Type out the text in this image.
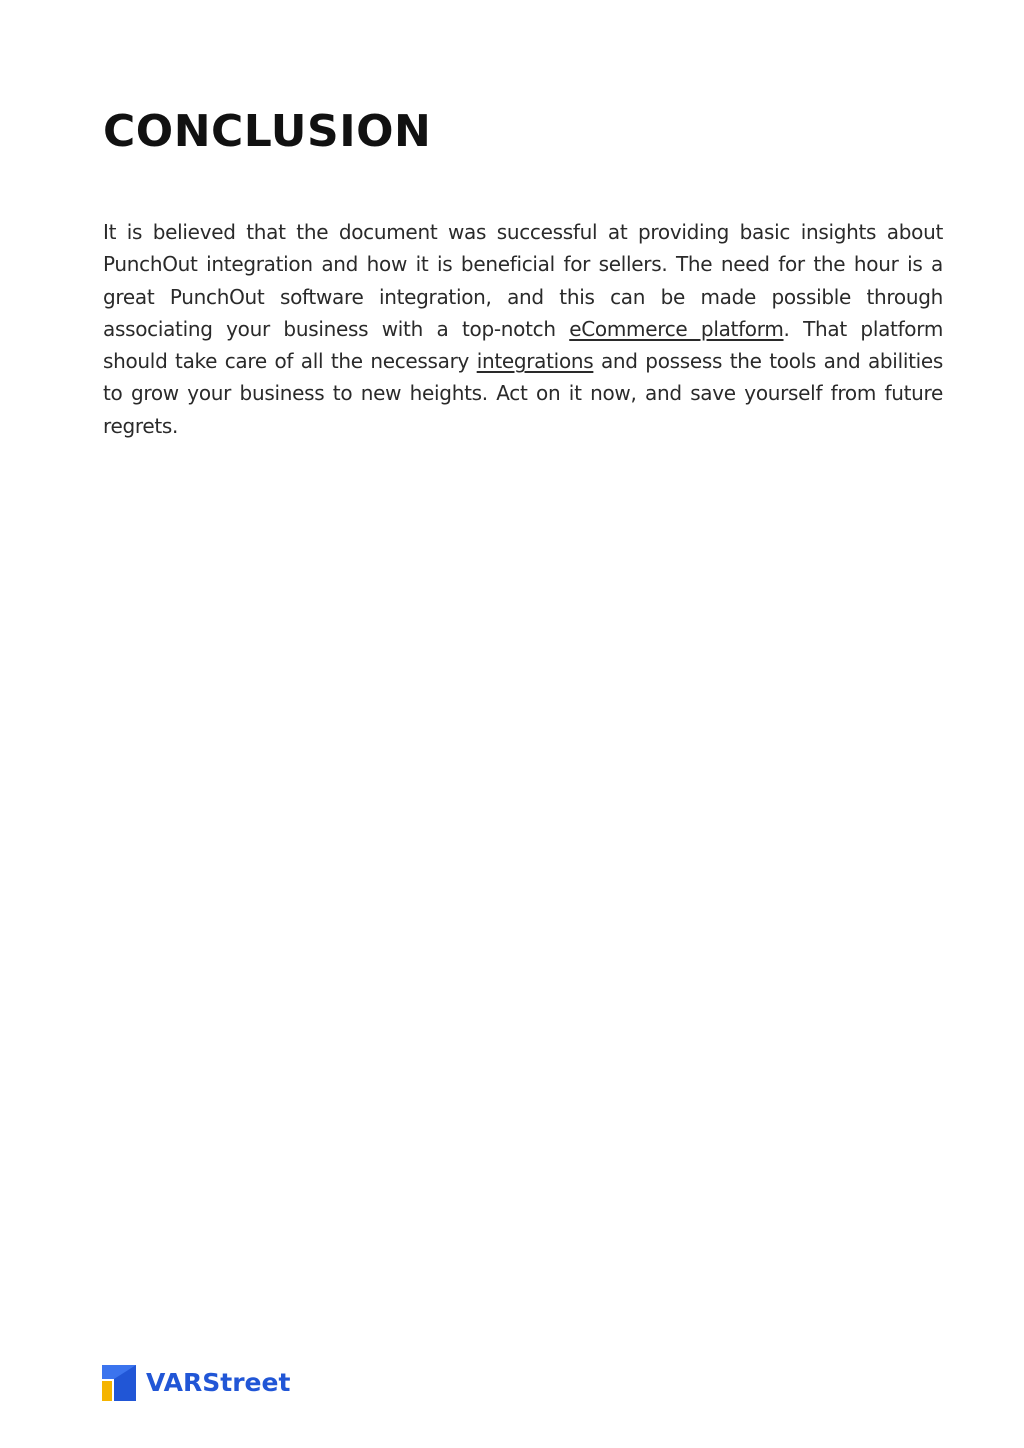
CONCLUSION

It is believed that the document was successful at providing basic insights about PunchOut integration and how it is beneficial for sellers. The need for the hour is a great PunchOut software integration, and this can be made possible through associating your business with a top-notch eCommerce platform. That platform should take care of all the necessary integrations and possess the tools and abilities to grow your business to new heights. Act on it now, and save yourself from future regrets.

VARStreet
